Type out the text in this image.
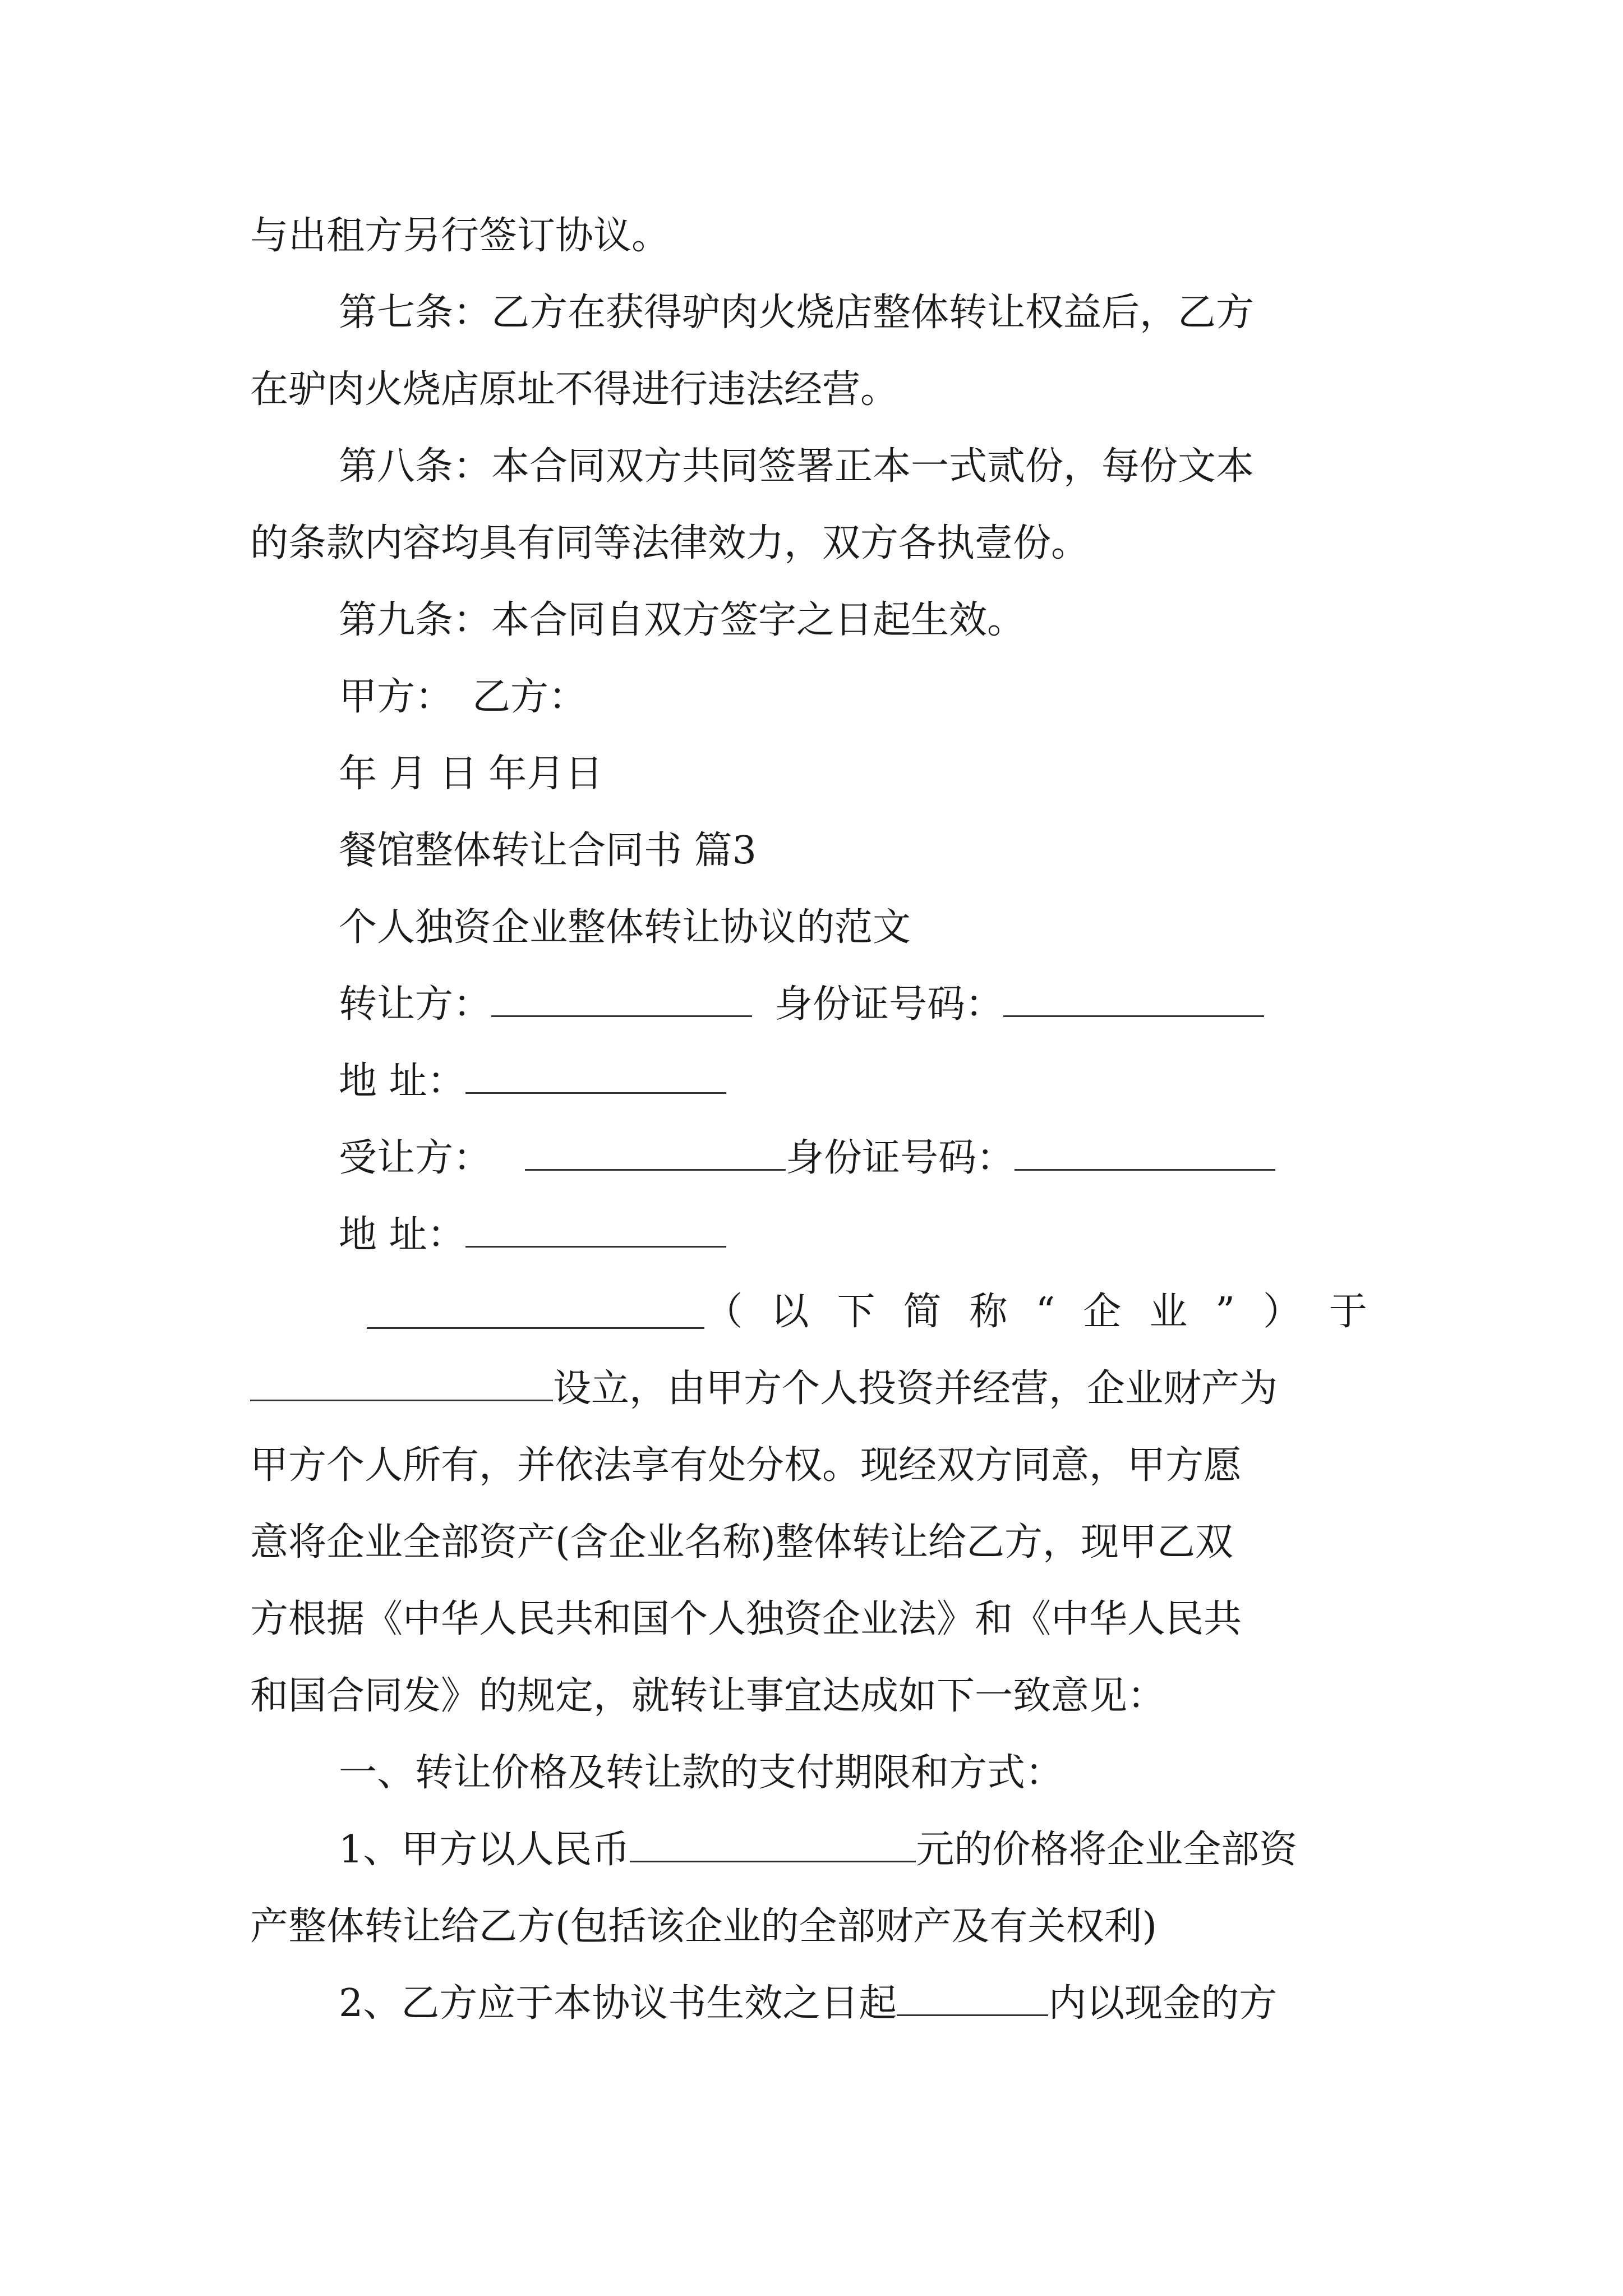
与出租方另行签订协议。
第七条：乙方在获得驴肉火烧店整体转让权益后，乙方
在驴肉火烧店原址不得进行违法经营。
第八条：本合同双方共同签署正本一式贰份，每份文本
的条款内容均具有同等法律效力，双方各执壹份。
第九条：本合同自双方签字之日起生效。
甲方： 乙方：
年 月 日 年月日
餐馆整体转让合同书 篇3
个人独资企业整体转让协议的范文
转让方：	身份证号码：
地 址：
受让方：	身份证号码：
地 址：
（以下简称“企业”）于
设立，由甲方个人投资并经营，企业财产为
甲方个人所有，并依法享有处分权。现经双方同意，甲方愿
意将企业全部资产(含企业名称)整体转让给乙方，现甲乙双
方根据《中华人民共和国个人独资企业法》和《中华人民共
和国合同发》的规定，就转让事宜达成如下一致意见：
一、转让价格及转让款的支付期限和方式：
1、甲方以人民币	元的价格将企业全部资
产整体转让给乙方(包括该企业的全部财产及有关权利)
2、乙方应于本协议书生效之日起	内以现金的方
